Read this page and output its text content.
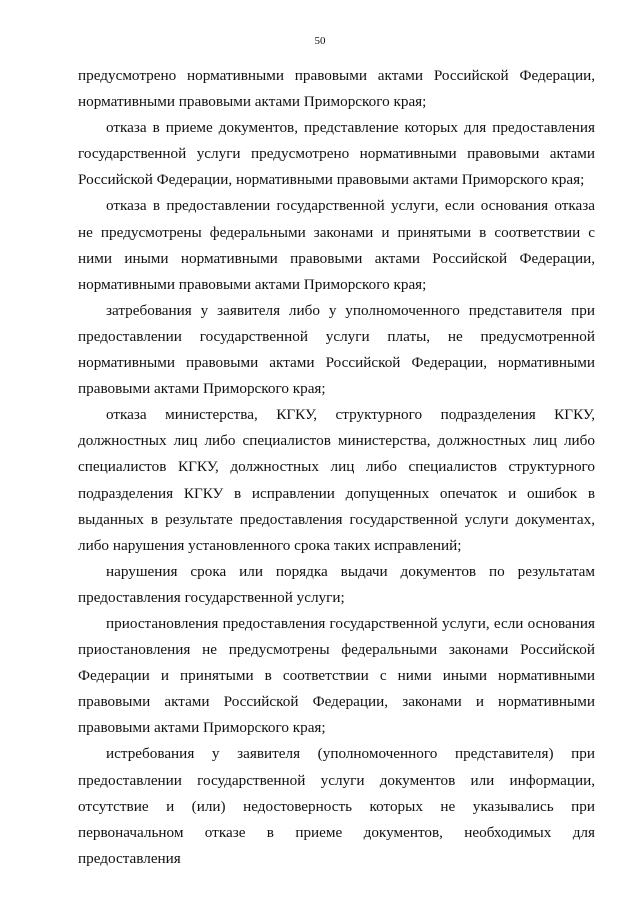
50

предусмотрено нормативными правовыми актами Российской Федерации, нормативными правовыми актами Приморского края;

отказа в приеме документов, представление которых для предоставления государственной услуги предусмотрено нормативными правовыми актами Российской Федерации, нормативными правовыми актами Приморского края;

отказа в предоставлении государственной услуги, если основания отказа не предусмотрены федеральными законами и принятыми в соответствии с ними иными нормативными правовыми актами Российской Федерации, нормативными правовыми актами Приморского края;

затребования у заявителя либо у уполномоченного представителя при предоставлении государственной услуги платы, не предусмотренной нормативными правовыми актами Российской Федерации, нормативными правовыми актами Приморского края;

отказа министерства, КГКУ, структурного подразделения КГКУ, должностных лиц либо специалистов министерства, должностных лиц либо специалистов КГКУ, должностных лиц либо специалистов структурного подразделения КГКУ в исправлении допущенных опечаток и ошибок в выданных в результате предоставления государственной услуги документах, либо нарушения установленного срока таких исправлений;

нарушения срока или порядка выдачи документов по результатам предоставления государственной услуги;

приостановления предоставления государственной услуги, если основания приостановления не предусмотрены федеральными законами Российской Федерации и принятыми в соответствии с ними иными нормативными правовыми актами Российской Федерации, законами и нормативными правовыми актами Приморского края;

истребования у заявителя (уполномоченного представителя) при предоставлении государственной услуги документов или информации, отсутствие и (или) недостоверность которых не указывались при первоначальном отказе в приеме документов, необходимых для предоставления
